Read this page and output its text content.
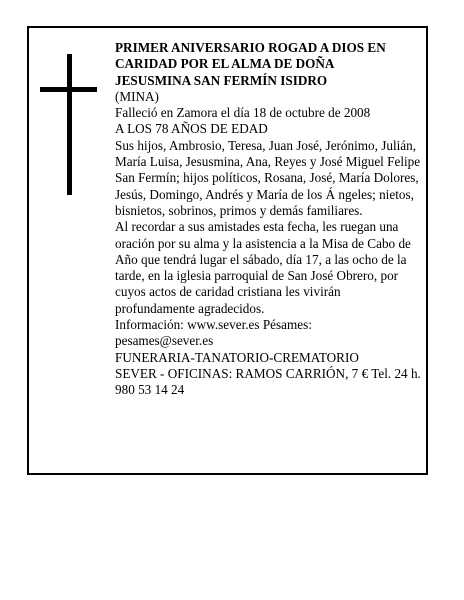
PRIMER ANIVERSARIO ROGAD A DIOS EN

CARIDAD POR EL ALMA DE DOÑA

JESUSMINA SAN FERMÍN ISIDRO

(MINA)

Falleció en Zamora el día 18 de octubre de 2008

A LOS 78 AÑOS DE EDAD

Sus hijos, Ambrosio, Teresa, Juan José, Jerónimo, Julián, María Luisa, Jesusmina, Ana, Reyes y José Miguel Felipe San Fermín; hijos políticos, Rosana, José, María Dolores, Jesús, Domingo, Andrés y María de los Á ngeles; nietos, bisnietos, sobrinos, primos y demás familiares.

Al recordar a sus amistades esta fecha, les ruegan una oración por su alma y la asistencia a la Misa de Cabo de Año que tendrá lugar el sábado, día 17, a las ocho de la tarde, en la iglesia parroquial de San José Obrero, por cuyos actos de caridad cristiana les vivirán profundamente agradecidos.

Información: www.sever.es Pésames:

pesames@sever.es

FUNERARIA-TANATORIO-CREMATORIO

SEVER - OFICINAS: RAMOS CARRIÓN, 7 € Tel. 24 h. 980 53 14 24
